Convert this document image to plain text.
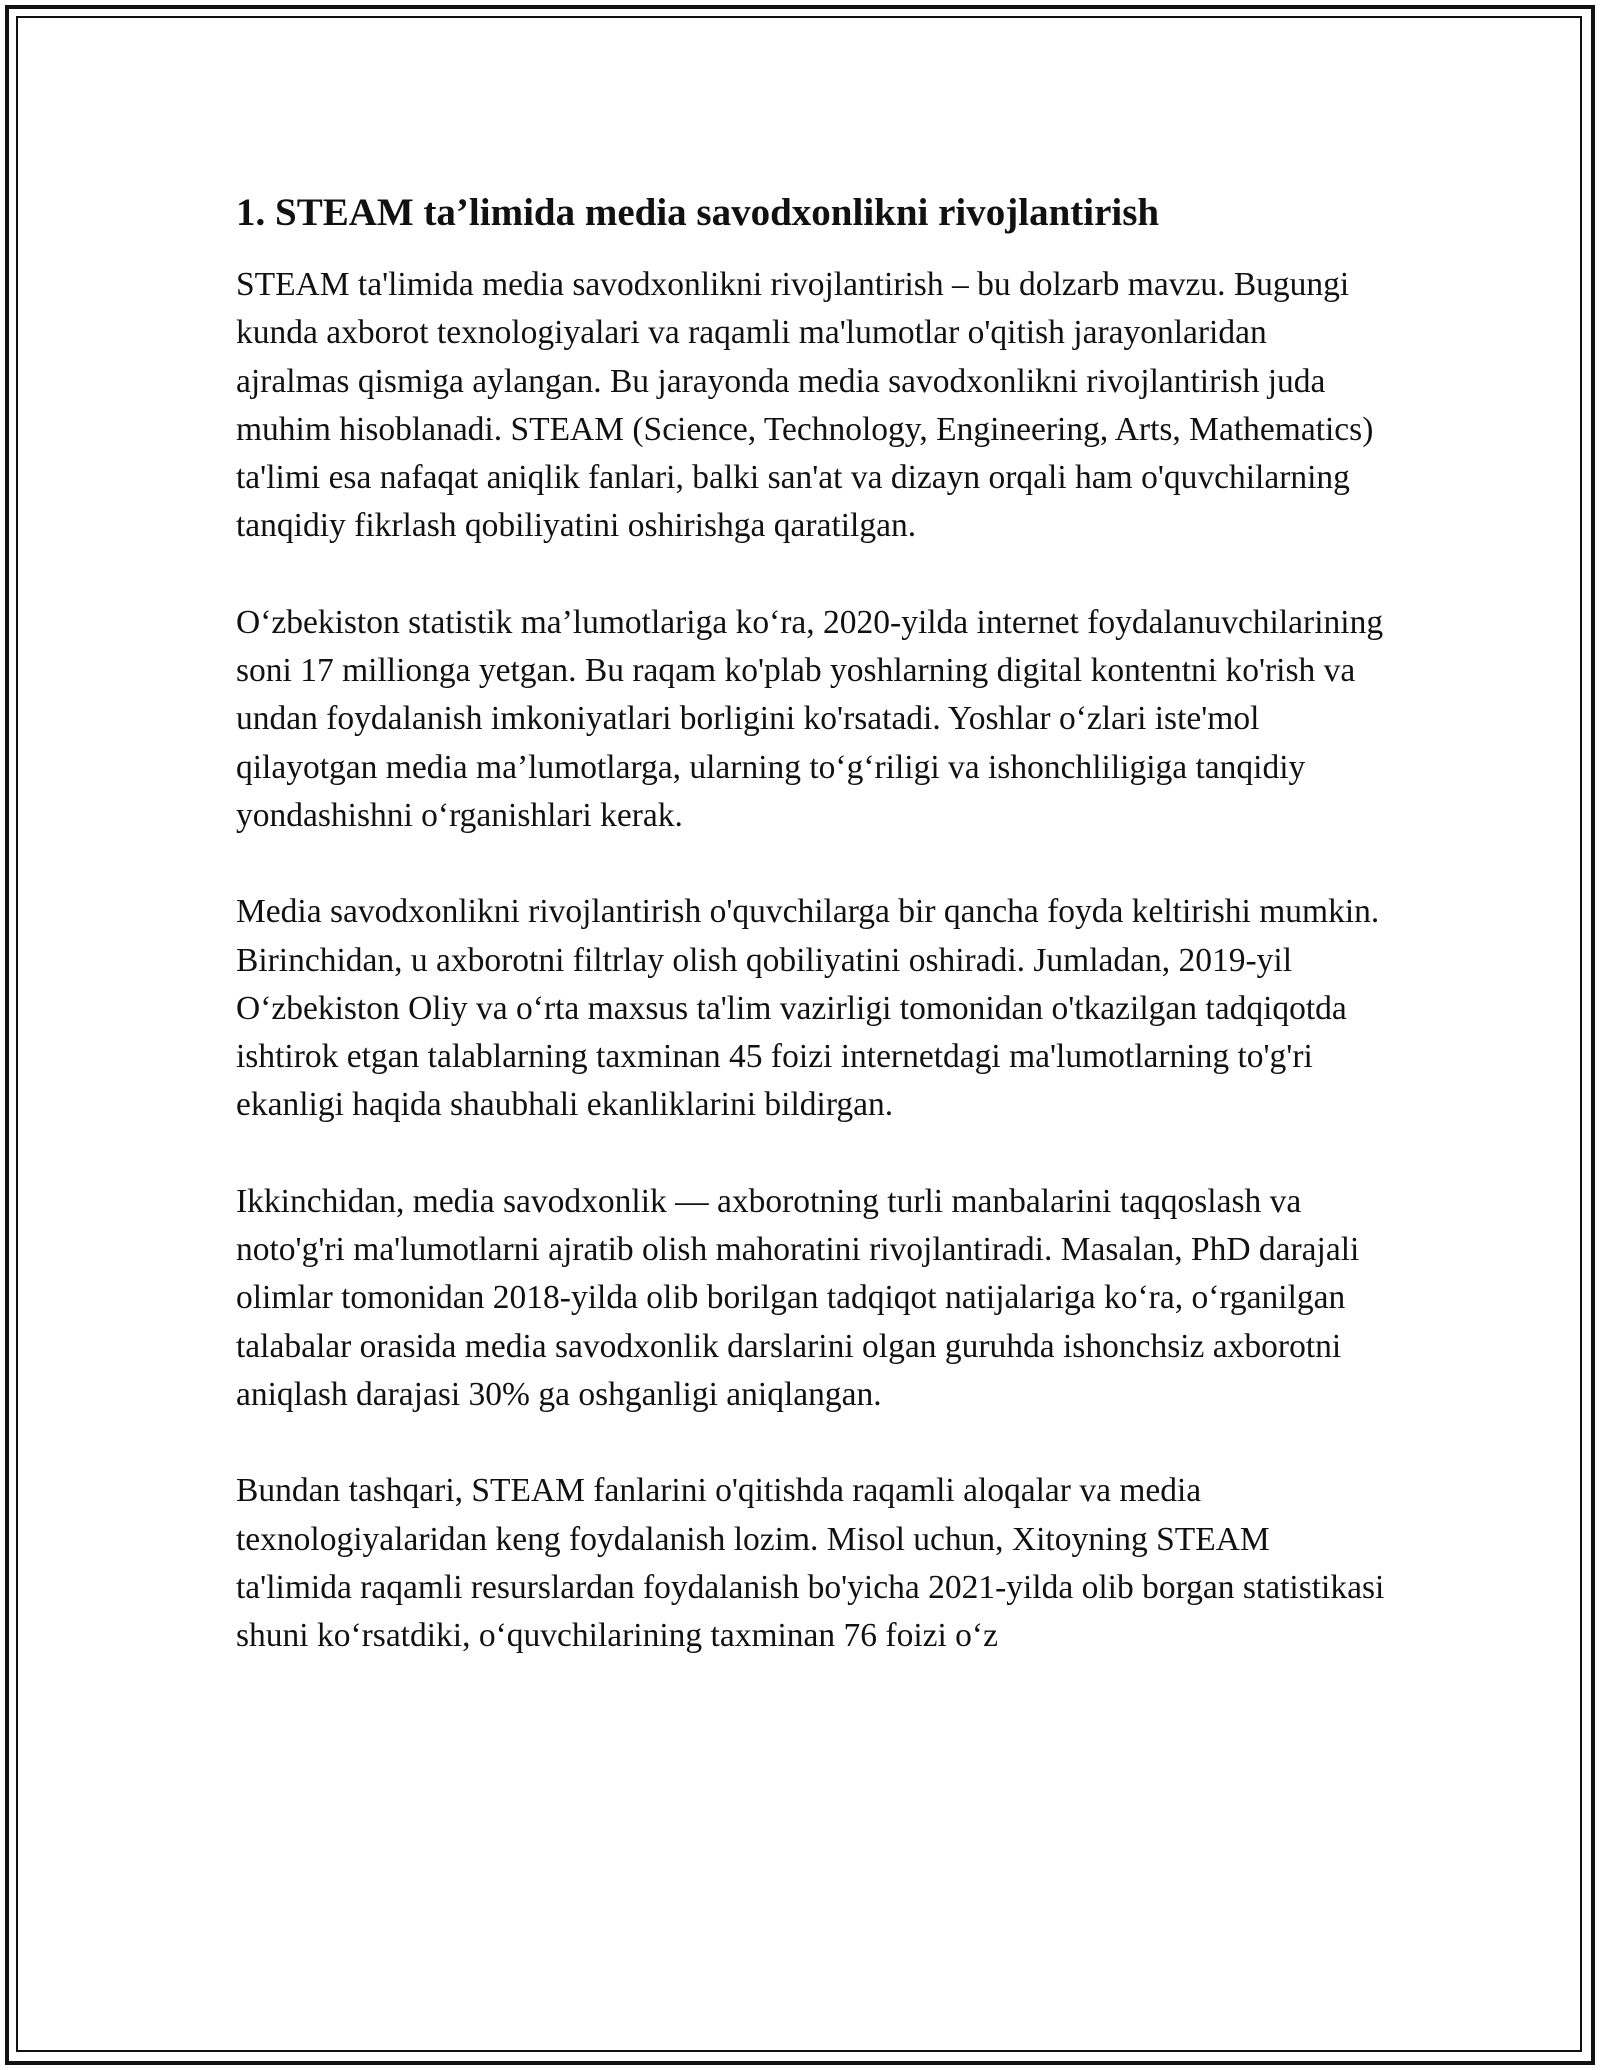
1. STEAM ta’limida media savodxonlikni rivojlantirish

STEAM ta'limida media savodxonlikni rivojlantirish – bu dolzarb mavzu. Bugungi kunda axborot texnologiyalari va raqamli ma'lumotlar o'qitish jarayonlaridan ajralmas qismiga aylangan. Bu jarayonda media savodxonlikni rivojlantirish juda muhim hisoblanadi. STEAM (Science, Technology, Engineering, Arts, Mathematics) ta'limi esa nafaqat aniqlik fanlari, balki san'at va dizayn orqali ham o'quvchilarning tanqidiy fikrlash qobiliyatini oshirishga qaratilgan.

O‘zbekiston statistik ma’lumotlariga ko‘ra, 2020-yilda internet foydalanuvchilarining soni 17 millionga yetgan. Bu raqam ko'plab yoshlarning digital kontentni ko'rish va undan foydalanish imkoniyatlari borligini ko'rsatadi. Yoshlar o‘zlari iste'mol qilayotgan media ma’lumotlarga, ularning to‘g‘riligi va ishonchliligiga tanqidiy yondashishni o‘rganishlari kerak.

Media savodxonlikni rivojlantirish o'quvchilarga bir qancha foyda keltirishi mumkin. Birinchidan, u axborotni filtrlay olish qobiliyatini oshiradi. Jumladan, 2019-yil O‘zbekiston Oliy va o‘rta maxsus ta'lim vazirligi tomonidan o'tkazilgan tadqiqotda ishtirok etgan talablarning taxminan 45 foizi internetdagi ma'lumotlarning to'g'ri ekanligi haqida shaubhali ekanliklarini bildirgan.

Ikkinchidan, media savodxonlik — axborotning turli manbalarini taqqoslash va noto'g'ri ma'lumotlarni ajratib olish mahoratini rivojlantiradi. Masalan, PhD darajali olimlar tomonidan 2018-yilda olib borilgan tadqiqot natijalariga ko‘ra, o‘rganilgan talabalar orasida media savodxonlik darslarini olgan guruhda ishonchsiz axborotni aniqlash darajasi 30% ga oshganligi aniqlangan.

Bundan tashqari, STEAM fanlarini o'qitishda raqamli aloqalar va media texnologiyalaridan keng foydalanish lozim. Misol uchun, Xitoyning STEAM ta'limida raqamli resurslardan foydalanish bo'yicha 2021-yilda olib borgan statistikasi shuni ko‘rsatdiki, o‘quvchilarining taxminan 76 foizi o‘z
